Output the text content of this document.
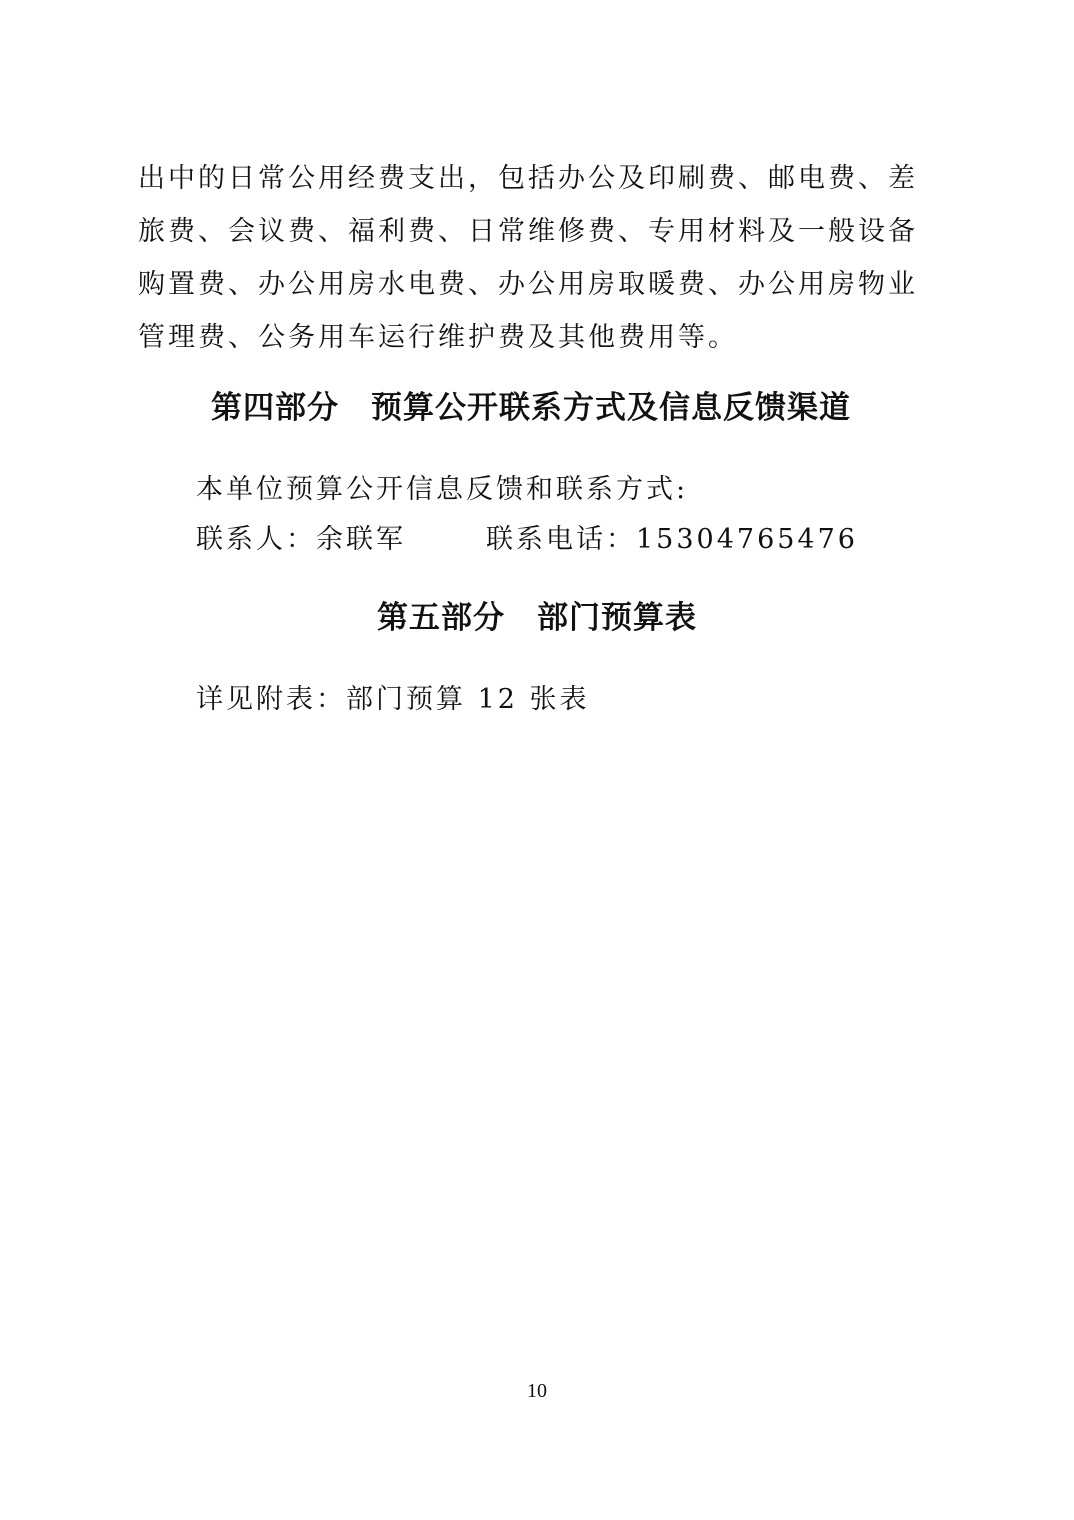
出中的日常公用经费支出，包括办公及印刷费、邮电费、差旅费、会议费、福利费、日常维修费、专用材料及一般设备购置费、办公用房水电费、办公用房取暖费、办公用房物业管理费、公务用车运行维护费及其他费用等。

第四部分　预算公开联系方式及信息反馈渠道

本单位预算公开信息反馈和联系方式:

联系人：余联军	联系电话：15304765476

第五部分　部门预算表

详见附表：部门预算 12 张表

10
